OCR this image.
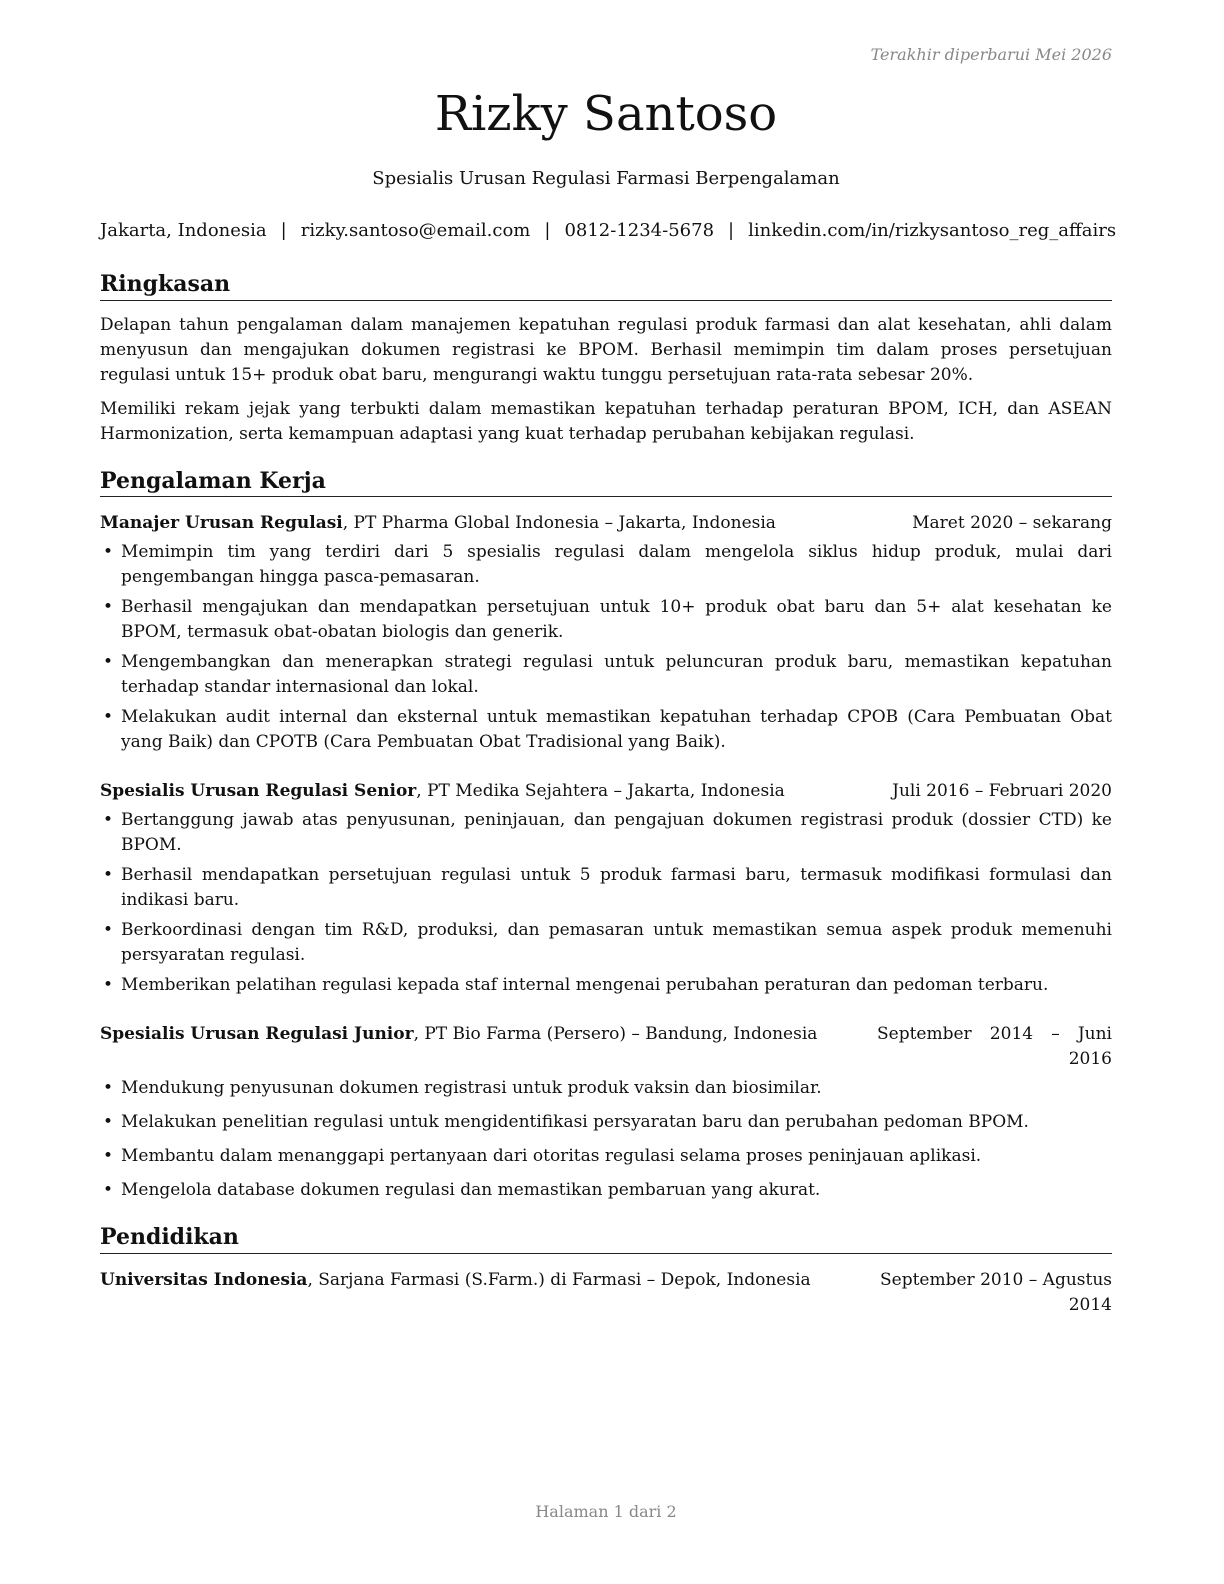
Terakhir diperbarui Mei 2026
Rizky Santoso
Spesialis Urusan Regulasi Farmasi Berpengalaman
Jakarta, Indonesia | rizky.santoso@email.com | 0812-1234-5678 | linkedin.com/in/rizkysantoso_reg_affairs
Ringkasan

Delapan tahun pengalaman dalam manajemen kepatuhan regulasi produk farmasi dan alat kesehatan, ahli dalam menyusun dan mengajukan dokumen registrasi ke BPOM. Berhasil memimpin tim dalam proses persetujuan regulasi untuk 15+ produk obat baru, mengurangi waktu tunggu persetujuan rata-rata sebesar 20%.

Memiliki rekam jejak yang terbukti dalam memastikan kepatuhan terhadap peraturan BPOM, ICH, dan ASEAN Harmonization, serta kemampuan adaptasi yang kuat terhadap perubahan kebijakan regulasi.

Pengalaman Kerja
Manajer Urusan Regulasi, PT Pharma Global Indonesia – Jakarta, Indonesia	Maret 2020 – sekarang
• Memimpin tim yang terdiri dari 5 spesialis regulasi dalam mengelola siklus hidup produk, mulai dari pengembangan hingga pasca-pemasaran.
• Berhasil mengajukan dan mendapatkan persetujuan untuk 10+ produk obat baru dan 5+ alat kesehatan ke BPOM, termasuk obat-obatan biologis dan generik.
• Mengembangkan dan menerapkan strategi regulasi untuk peluncuran produk baru, memastikan kepatuhan terhadap standar internasional dan lokal.
• Melakukan audit internal dan eksternal untuk memastikan kepatuhan terhadap CPOB (Cara Pembuatan Obat yang Baik) dan CPOTB (Cara Pembuatan Obat Tradisional yang Baik).
Spesialis Urusan Regulasi Senior, PT Medika Sejahtera – Jakarta, Indonesia	Juli 2016 – Februari 2020
• Bertanggung jawab atas penyusunan, peninjauan, dan pengajuan dokumen registrasi produk (dossier CTD) ke BPOM.
• Berhasil mendapatkan persetujuan regulasi untuk 5 produk farmasi baru, termasuk modifikasi formulasi dan indikasi baru.
• Berkoordinasi dengan tim R&D, produksi, dan pemasaran untuk memastikan semua aspek produk memenuhi persyaratan regulasi.
• Memberikan pelatihan regulasi kepada staf internal mengenai perubahan peraturan dan pedoman terbaru.
Spesialis Urusan Regulasi Junior, PT Bio Farma (Persero) – Bandung, Indonesia	September 2014 – Juni 2016
• Mendukung penyusunan dokumen registrasi untuk produk vaksin dan biosimilar.
• Melakukan penelitian regulasi untuk mengidentifikasi persyaratan baru dan perubahan pedoman BPOM.
• Membantu dalam menanggapi pertanyaan dari otoritas regulasi selama proses peninjauan aplikasi.
• Mengelola database dokumen regulasi dan memastikan pembaruan yang akurat.
Pendidikan
Universitas Indonesia, Sarjana Farmasi (S.Farm.) di Farmasi – Depok, Indonesia	September 2010 – Agustus 2014
Halaman 1 dari 2
